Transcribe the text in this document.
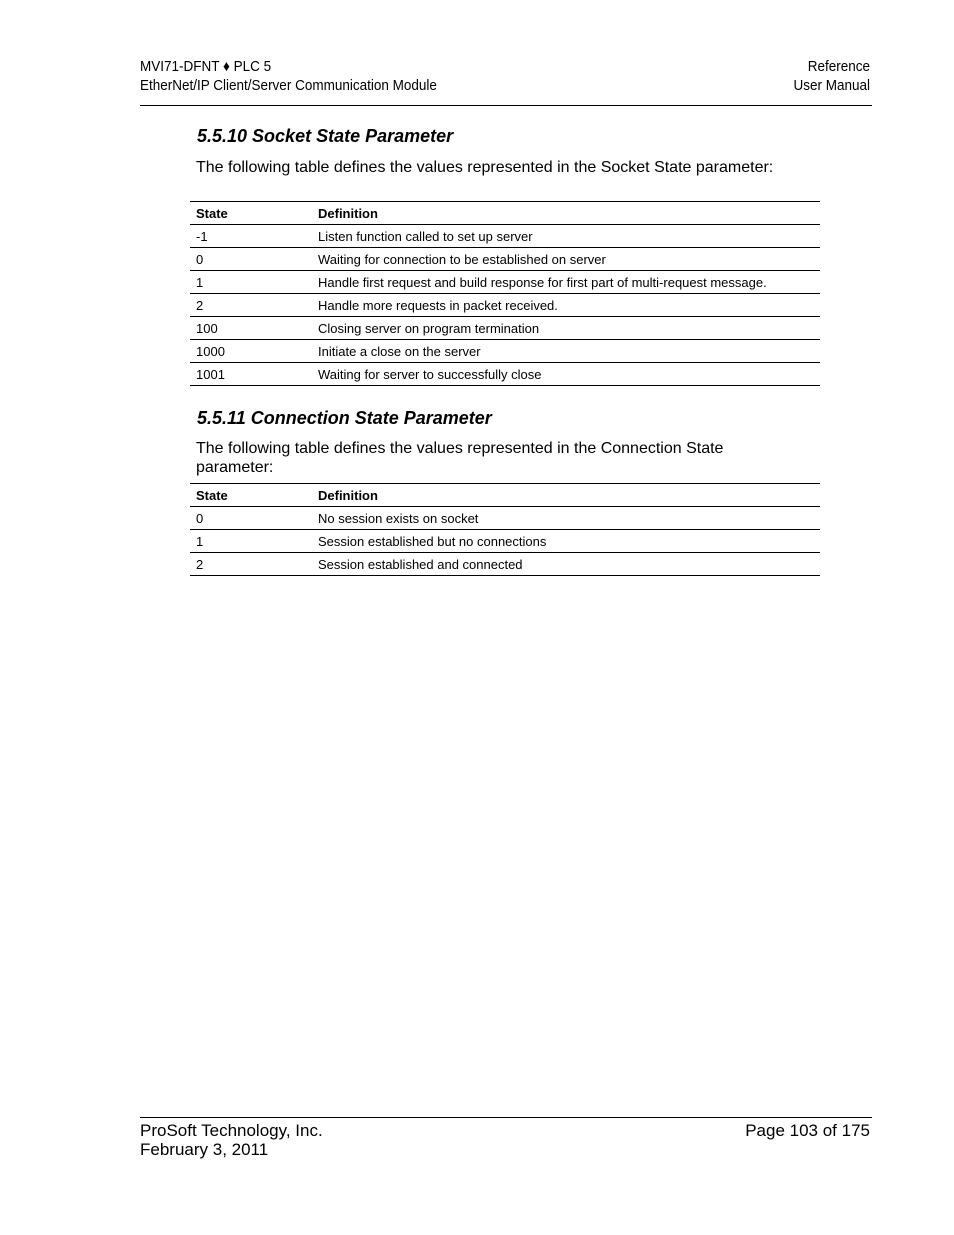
MVI71-DFNT ♦ PLC 5
EtherNet/IP Client/Server Communication Module
Reference
User Manual
5.5.10 Socket State Parameter
The following table defines the values represented in the Socket State parameter:
State	Definition
-1	Listen function called to set up server
0	Waiting for connection to be established on server
1	Handle first request and build response for first part of multi-request message.
2	Handle more requests in packet received.
100	Closing server on program termination
1000	Initiate a close on the server
1001	Waiting for server to successfully close
5.5.11 Connection State Parameter
The following table defines the values represented in the Connection State parameter:
State	Definition
0	No session exists on socket
1	Session established but no connections
2	Session established and connected
ProSoft Technology, Inc.
February 3, 2011
Page 103 of 175
